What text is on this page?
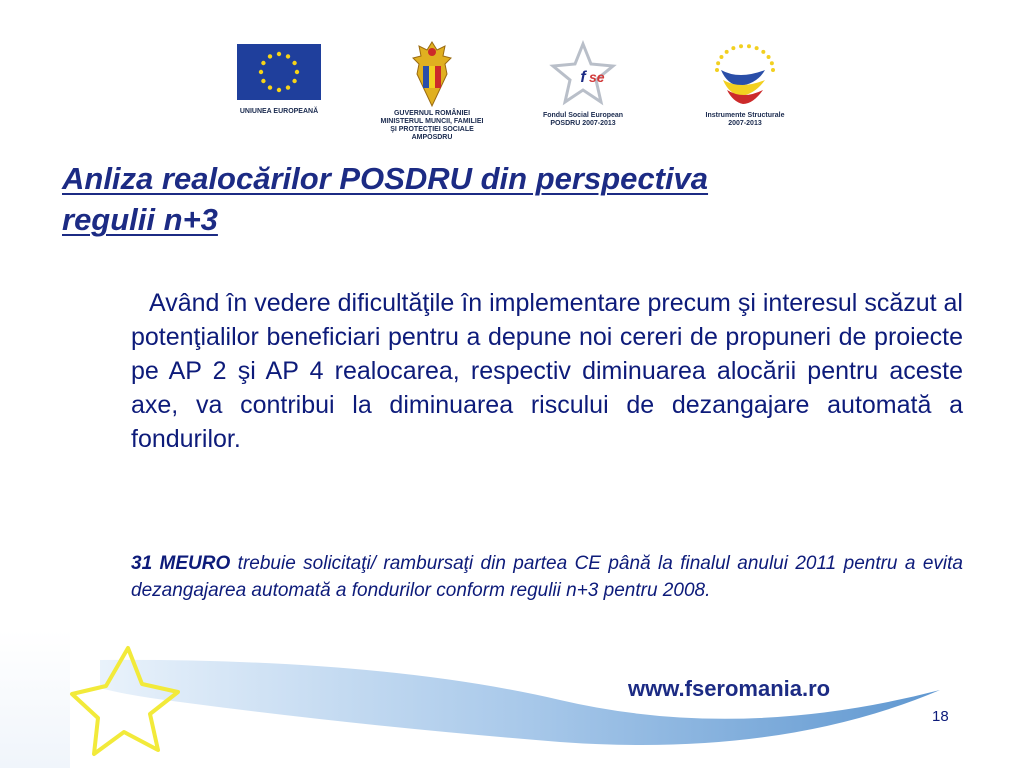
UNIUNEA EUROPEANĂ	GUVERNUL ROMÂNIEI
MINISTERUL MUNCII, FAMILIEI
ŞI PROTECŢIEI SOCIALE
AMPOSDRU
f se
Fondul Social European
POSDRU 2007-2013
Instrumente Structurale
2007-2013
Anliza realocărilor POSDRU din perspectiva regulii n+3

Având în vedere dificultăţile în implementare precum şi interesul scăzut al potenţialilor beneficiari pentru a depune noi cereri de propuneri de proiecte pe AP 2 şi AP 4 realocarea, respectiv diminuarea alocării pentru aceste axe, va contribui la diminuarea riscului de dezangajare automată a fondurilor.

31 MEURO trebuie solicitaţi/ rambursaţi din partea CE până la finalul anului 2011 pentru a evita dezangajarea automată a fondurilor conform regulii n+3 pentru 2008.

www.fseromania.ro

18
